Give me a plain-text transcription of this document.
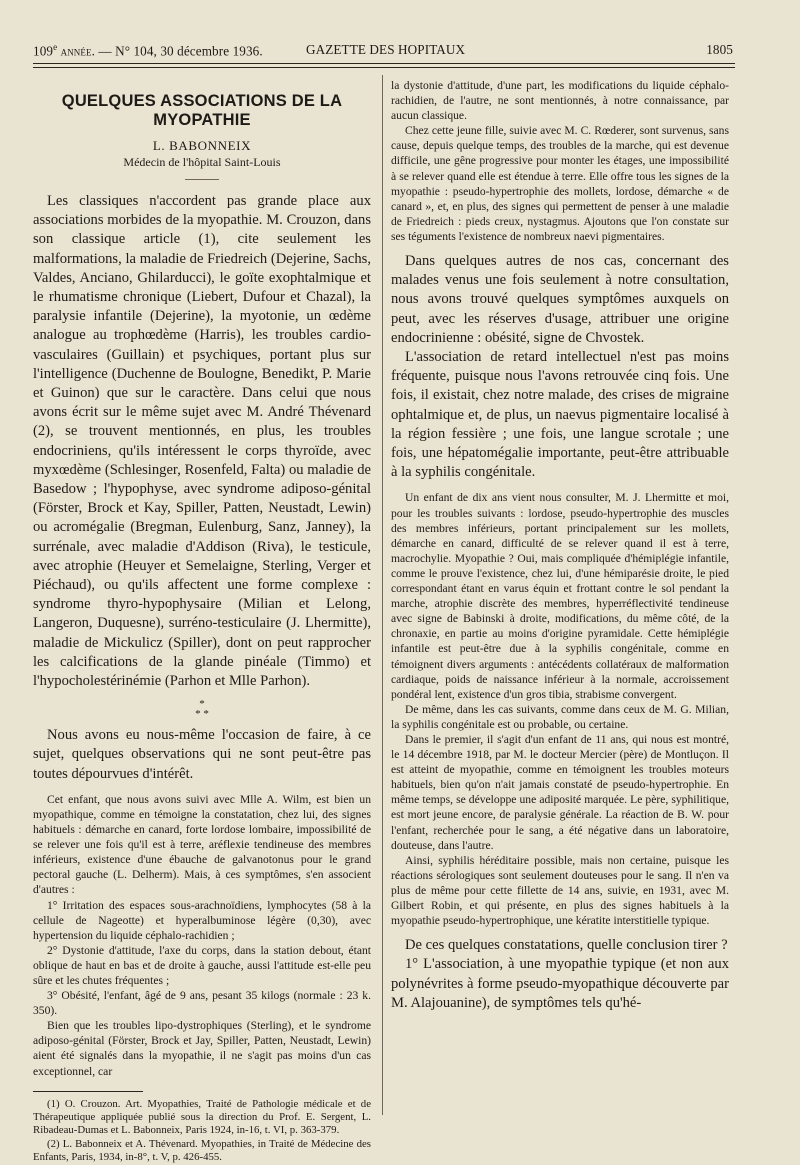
109e année. — N° 104, 30 décembre 1936.	GAZETTE DES HOPITAUX	1805
QUELQUES ASSOCIATIONS DE LA MYOPATHIE
L. BABONNEIX
Médecin de l'hôpital Saint-Louis

Les classiques n'accordent pas grande place aux associations morbides de la myopathie. M. Crouzon, dans son classique article (1), cite seulement les malformations, la maladie de Friedreich (Dejerine, Sachs, Valdes, Anciano, Ghilarducci), le goïte exophtalmique et le rhumatisme chronique (Liebert, Dufour et Chazal), la paralysie infantile (Dejerine), la myotonie, un œdème analogue au trophœdème (Harris), les troubles cardio-vasculaires (Guillain) et psychiques, portant plus sur l'intelligence (Duchenne de Boulogne, Benedikt, P. Marie et Guinon) que sur le caractère. Dans celui que nous avons écrit sur le même sujet avec M. André Thévenard (2), se trouvent mentionnés, en plus, les troubles endocriniens, qu'ils intéressent le corps thyroïde, avec myxœdème (Schlesinger, Rosenfeld, Falta) ou maladie de Basedow ; l'hypophyse, avec syndrome adiposo-génital (Förster, Brock et Kay, Spiller, Patten, Neustadt, Lewin) ou acromégalie (Bregman, Eulenburg, Sanz, Janney), la surrénale, avec maladie d'Addison (Riva), le testicule, avec atrophie (Heuyer et Semelaigne, Sterling, Verger et Piéchaud), ou qu'ils affectent une forme complexe : syndrome thyro-hypophysaire (Milian et Lelong, Langeron, Duquesne), surréno-testiculaire (J. Lhermitte), maladie de Mickulicz (Spiller), dont on peut rapprocher les calcifications de la glande pinéale (Timmo) et l'hypocholestérinémie (Parhon et Mlle Parhon).

*
* *

Nous avons eu nous-même l'occasion de faire, à ce sujet, quelques observations qui ne sont peut-être pas toutes dépourvues d'intérêt.

Cet enfant, que nous avons suivi avec Mlle A. Wilm, est bien un myopathique, comme en témoigne la constatation, chez lui, des signes habituels : démarche en canard, forte lordose lombaire, impossibilité de se relever une fois qu'il est à terre, aréflexie tendineuse des membres inférieurs, existence d'une ébauche de galvanotonus pour le grand pectoral gauche (L. Delherm). Mais, à ces symptômes, s'en associent d'autres :

1° Irritation des espaces sous-arachnoïdiens, lymphocytes (58 à la cellule de Nageotte) et hyperalbuminose légère (0,30), avec hypertension du liquide céphalo-rachidien ;

2° Dystonie d'attitude, l'axe du corps, dans la station debout, étant oblique de haut en bas et de droite à gauche, aussi l'attitude est-elle peu sûre et les chutes fréquentes ;

3° Obésité, l'enfant, âgé de 9 ans, pesant 35 kilogs (normale : 23 k. 350).

Bien que les troubles lipo-dystrophiques (Sterling), et le syndrome adiposo-génital (Förster, Brock et Jay, Spiller, Patten, Neustadt, Lewin) aient été signalés dans la myopathie, il ne s'agit pas moins d'un cas exceptionnel, car

(1) O. Crouzon. Art. Myopathies, Traité de Pathologie médicale et de Thérapeutique appliquée publié sous la direction du Prof. E. Sergent, L. Ribadeau-Dumas et L. Babonneix, Paris 1924, in-16, t. VI, p. 363-379.

(2) L. Babonneix et A. Thévenard. Myopathies, in Traité de Médecine des Enfants, Paris, 1934, in-8°, t. V, p. 426-455.

la dystonie d'attitude, d'une part, les modifications du liquide céphalo-rachidien, de l'autre, ne sont mentionnés, à notre connaissance, par aucun classique.

Chez cette jeune fille, suivie avec M. C. Rœderer, sont survenus, sans cause, depuis quelque temps, des troubles de la marche, qui est devenue difficile, une gêne progressive pour monter les étages, une impossibilité à se relever quand elle est étendue à terre. Elle offre tous les signes de la myopathie : pseudo-hypertrophie des mollets, lordose, démarche « de canard », et, en plus, des signes qui permettent de penser à une maladie de Friedreich : pieds creux, nystagmus. Ajoutons que l'on constate sur ses téguments l'existence de nombreux naevi pigmentaires.

Dans quelques autres de nos cas, concernant des malades venus une fois seulement à notre consultation, nous avons trouvé quelques symptômes auxquels on peut, avec les réserves d'usage, attribuer une origine endocrinienne : obésité, signe de Chvostek.

L'association de retard intellectuel n'est pas moins fréquente, puisque nous l'avons retrouvée cinq fois. Une fois, il existait, chez notre malade, des crises de migraine ophtalmique et, de plus, un naevus pigmentaire localisé à la région fessière ; une fois, une langue scrotale ; une fois, une hépatomégalie importante, peut-être attribuable à la syphilis congénitale.

Un enfant de dix ans vient nous consulter, M. J. Lhermitte et moi, pour les troubles suivants : lordose, pseudo-hypertrophie des muscles des membres inférieurs, portant principalement sur les mollets, démarche en canard, difficulté de se relever quand il est à terre, macrochylie. Myopathie ? Oui, mais compliquée d'hémiplégie infantile, comme le prouve l'existence, chez lui, d'une hémiparésie droite, le pied correspondant étant en varus équin et frottant contre le sol pendant la marche, atrophie discrète des membres, hyperréflectivité tendineuse avec signe de Babinski à droite, modifications, du même côté, de la chronaxie, en partie au moins d'origine pyramidale. Cette hémiplégie infantile est peut-être due à la syphilis congénitale, comme en témoignent divers arguments : antécédents collatéraux de malformation cardiaque, poids de naissance inférieur à la normale, accroissement pondéral lent, existence d'un gros tibia, strabisme convergent.

De même, dans les cas suivants, comme dans ceux de M. G. Milian, la syphilis congénitale est ou probable, ou certaine.

Dans le premier, il s'agit d'un enfant de 11 ans, qui nous est montré, le 14 décembre 1918, par M. le docteur Mercier (père) de Montluçon. Il est atteint de myopathie, comme en témoignent les troubles moteurs habituels, bien qu'on n'ait jamais constaté de pseudo-hypertrophie. En même temps, se développe une adiposité marquée. Le père, syphilitique, est mort jeune encore, de paralysie générale. La réaction de B. W. pour l'enfant, recherchée pour le sang, a été négative dans un laboratoire, douteuse, dans l'autre.

Ainsi, syphilis héréditaire possible, mais non certaine, puisque les réactions sérologiques sont seulement douteuses pour le sang. Il n'en va plus de même pour cette fillette de 14 ans, suivie, en 1931, avec M. Gilbert Robin, et qui présente, en plus des signes habituels à la myopathie pseudo-hypertrophique, une kératite interstitielle typique.

De ces quelques constatations, quelle conclusion tirer ?

1° L'association, à une myopathie typique (et non aux polynévrites à forme pseudo-myopathique découverte par M. Alajouanine), de symptômes tels qu'hé-
